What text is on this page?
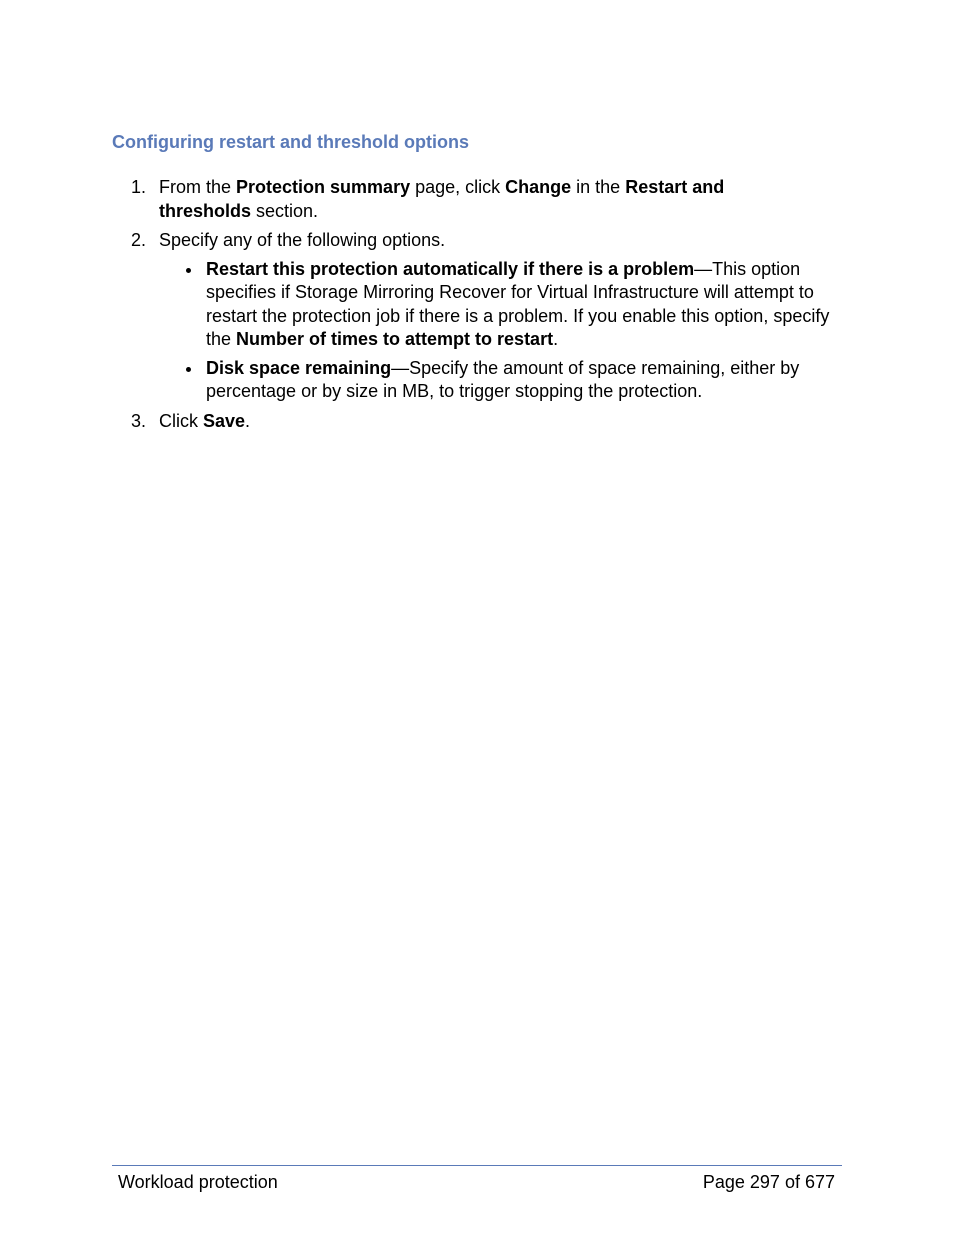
Configuring restart and threshold options
1. From the Protection summary page, click Change in the Restart and thresholds section.
2. Specify any of the following options.
Restart this protection automatically if there is a problem—This option specifies if Storage Mirroring Recover for Virtual Infrastructure will attempt to restart the protection job if there is a problem. If you enable this option, specify the Number of times to attempt to restart.
Disk space remaining—Specify the amount of space remaining, either by percentage or by size in MB, to trigger stopping the protection.
3. Click Save.
Workload protection	Page 297 of 677
